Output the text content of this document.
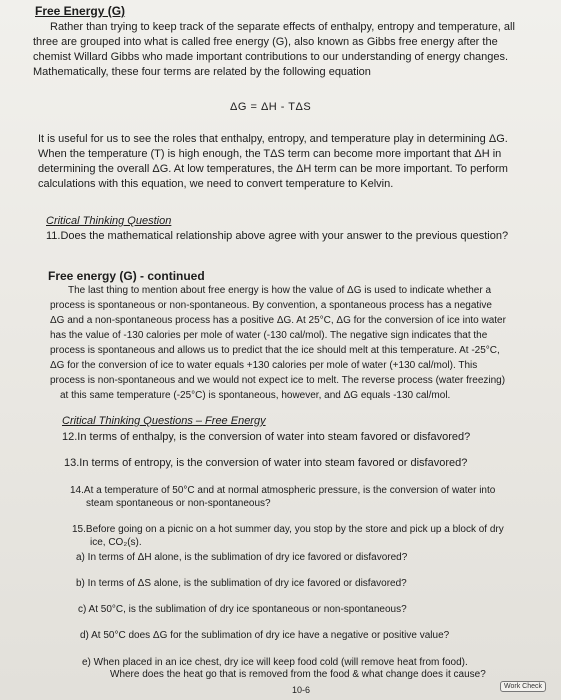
Free Energy (G)
Rather than trying to keep track of the separate effects of enthalpy, entropy and temperature, all
three are grouped into what is called free energy (G), also known as Gibbs free energy after the
chemist Willard Gibbs who made important contributions to our understanding of energy changes.
Mathematically, these four terms are related by the following equation
ΔG = ΔH - TΔS
It is useful for us to see the roles that enthalpy, entropy, and temperature play in determining ΔG.
When the temperature (T) is high enough, the TΔS term can become more important that ΔH in
determining the overall ΔG. At low temperatures, the ΔH term can be more important. To perform
calculations with this equation, we need to convert temperature to Kelvin.
Critical Thinking Question
11.Does the mathematical relationship above agree with your answer to the previous question?
Free energy (G) - continued
The last thing to mention about free energy is how the value of ΔG is used to indicate whether a
process is spontaneous or non-spontaneous. By convention, a spontaneous process has a negative
ΔG and a non-spontaneous process has a positive ΔG. At 25°C, ΔG for the conversion of ice into water
has the value of -130 calories per mole of water (-130 cal/mol). The negative sign indicates that the
process is spontaneous and allows us to predict that the ice should melt at this temperature. At -25°C,
ΔG for the conversion of ice to water equals +130 calories per mole of water (+130 cal/mol). This
process is non-spontaneous and we would not expect ice to melt. The reverse process (water freezing)
at this same temperature (-25°C) is spontaneous, however, and ΔG equals -130 cal/mol.
Critical Thinking Questions – Free Energy
12.In terms of enthalpy, is the conversion of water into steam favored or disfavored?
13.In terms of entropy, is the conversion of water into steam favored or disfavored?
14.At a temperature of 50°C and at normal atmospheric pressure, is the conversion of water into
steam spontaneous or non-spontaneous?
15.Before going on a picnic on a hot summer day, you stop by the store and pick up a block of dry
ice, CO₂(s).
a) In terms of ΔH alone, is the sublimation of dry ice favored or disfavored?
b) In terms of ΔS alone, is the sublimation of dry ice favored or disfavored?
c) At 50°C, is the sublimation of dry ice spontaneous or non-spontaneous?
d) At 50°C does ΔG for the sublimation of dry ice have a negative or positive value?
e) When placed in an ice chest, dry ice will keep food cold (will remove heat from food).
Where does the heat go that is removed from the food & what change does it cause?
10-6	Work Check
